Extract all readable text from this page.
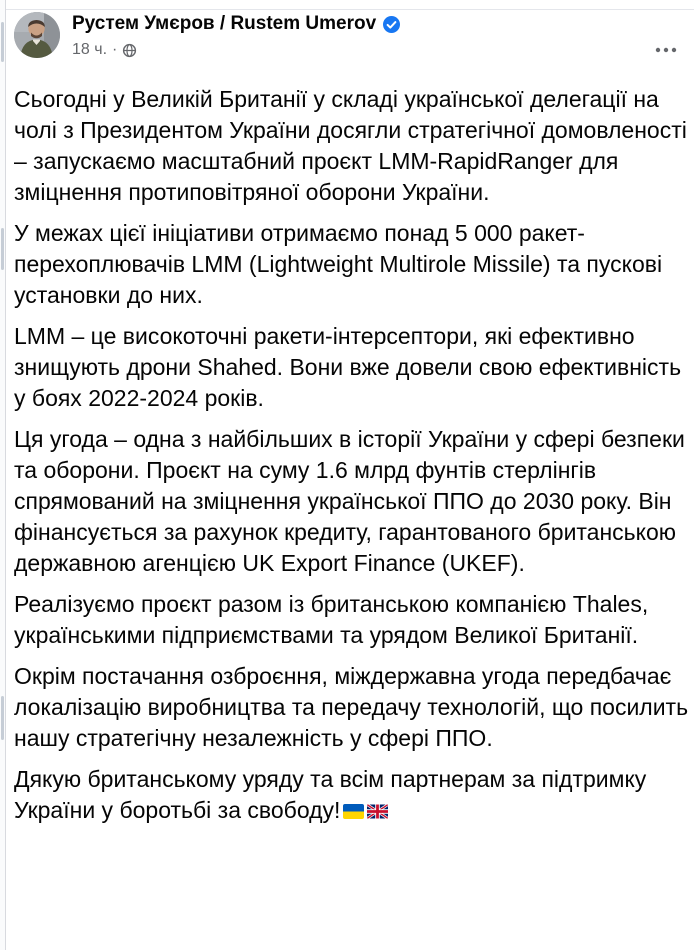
Рустем Умєров / Rustem Umerov
18 ч. ·

Сьогодні у Великій Британії у складі української делегації на чолі з Президентом України досягли стратегічної домовленості – запускаємо масштабний проєкт LMM-RapidRanger для зміцнення протиповітряної оборони України.

У межах цієї ініціативи отримаємо понад 5 000 ракет-перехоплювачів LMM (Lightweight Multirole Missile) та пускові установки до них.

LMM – це високоточні ракети-інтерсептори, які ефективно знищують дрони Shahed. Вони вже довели свою ефективність у боях 2022-2024 років.

Ця угода – одна з найбільших в історії України у сфері безпеки та оборони. Проєкт на суму 1.6 млрд фунтів стерлінгів спрямований на зміцнення української ППО до 2030 року. Він фінансується за рахунок кредиту, гарантованого британською державною агенцією UK Export Finance (UKEF).

Реалізуємо проєкт разом із британською компанією Thales, українськими підприємствами та урядом Великої Британії.

Окрім постачання озброєння, міждержавна угода передбачає локалізацію виробництва та передачу технологій, що посилить нашу стратегічну незалежність у сфері ППО.

Дякую британському уряду та всім партнерам за підтримку України у боротьбі за свободу!
